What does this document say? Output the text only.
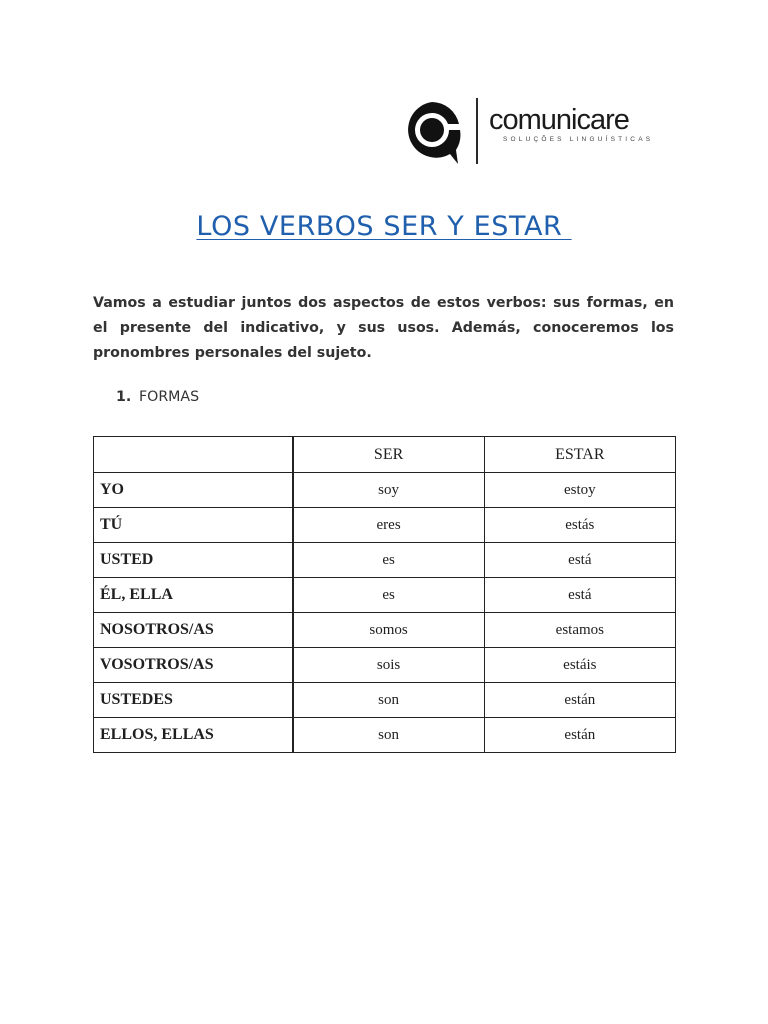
comunicare
SOLUÇÕES LINGUÍSTICAS
LOS VERBOS SER Y ESTAR

Vamos a estudiar juntos dos aspectos de estos verbos: sus formas, en el presente del indicativo, y sus usos. Además, conoceremos los pronombres personales del sujeto.

1. FORMAS
	SER	ESTAR
YO	soy	estoy
TÚ	eres	estás
USTED	es	está
ÉL, ELLA	es	está
NOSOTROS/AS	somos	estamos
VOSOTROS/AS	sois	estáis
USTEDES	son	están
ELLOS, ELLAS	son	están
